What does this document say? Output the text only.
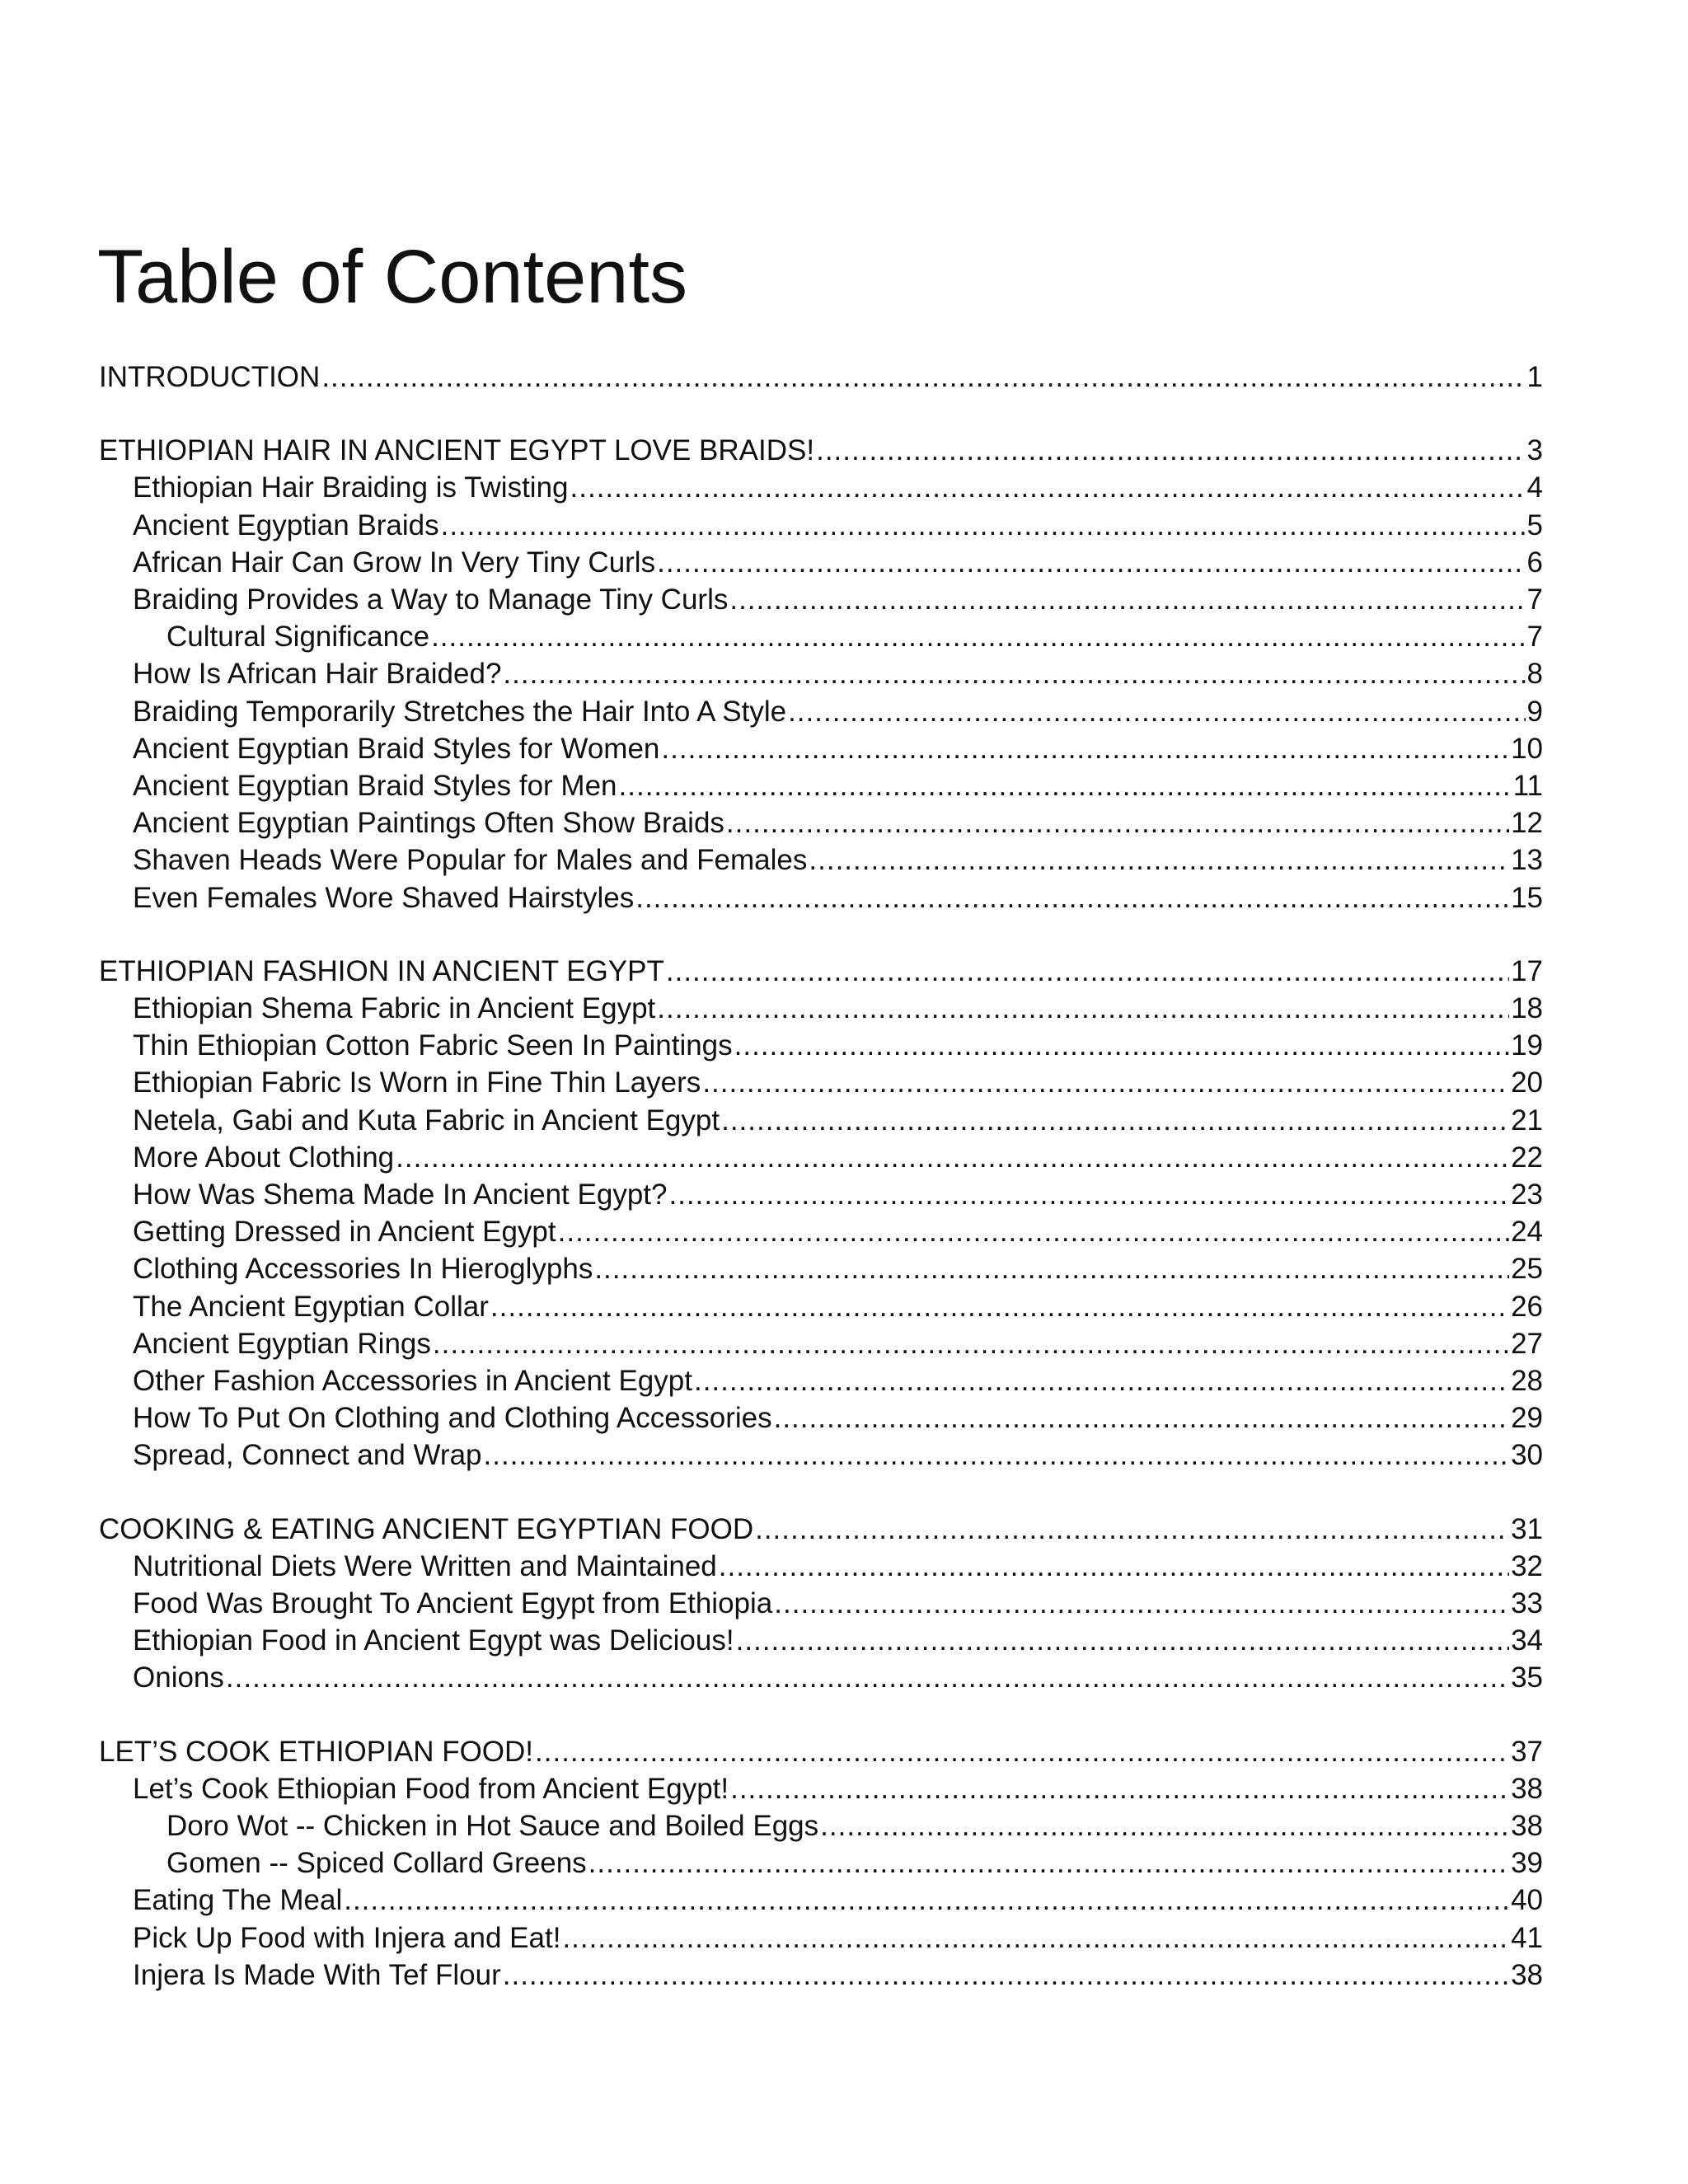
Table of Contents
INTRODUCTION .....	1
ETHIOPIAN HAIR IN ANCIENT EGYPT LOVE BRAIDS! .....	3
Ethiopian Hair Braiding is Twisting .....	4
Ancient Egyptian Braids .....	5
African Hair Can Grow In Very Tiny Curls .....	6
Braiding Provides a Way to Manage Tiny Curls .....	7
Cultural Significance .....	7
How Is African Hair Braided? .....	8
Braiding Temporarily Stretches the Hair Into A Style .....	9
Ancient Egyptian Braid Styles for Women .....	10
Ancient Egyptian Braid Styles for Men .....	11
Ancient Egyptian Paintings Often Show Braids .....	12
Shaven Heads Were Popular for Males and Females .....	13
Even Females Wore Shaved Hairstyles .....	15
ETHIOPIAN FASHION IN ANCIENT EGYPT .....	17
Ethiopian Shema Fabric in Ancient Egypt .....	18
Thin Ethiopian Cotton Fabric Seen In Paintings .....	19
Ethiopian Fabric Is Worn in Fine Thin Layers .....	20
Netela, Gabi and Kuta Fabric in Ancient Egypt .....	21
More About Clothing .....	22
How Was Shema Made In Ancient Egypt? .....	23
Getting Dressed in Ancient Egypt .....	24
Clothing Accessories In Hieroglyphs .....	25
The Ancient Egyptian Collar .....	26
Ancient Egyptian Rings .....	27
Other Fashion Accessories in Ancient Egypt .....	28
How To Put On Clothing and Clothing Accessories .....	29
Spread, Connect and Wrap .....	30
COOKING & EATING ANCIENT EGYPTIAN FOOD .....	31
Nutritional Diets Were Written and Maintained .....	32
Food Was Brought To Ancient Egypt from Ethiopia .....	33
Ethiopian Food in Ancient Egypt was Delicious! .....	34
Onions .....	35
LET’S COOK ETHIOPIAN FOOD! .....	37
Let’s Cook Ethiopian Food from Ancient Egypt! .....	38
Doro Wot -- Chicken in Hot Sauce and Boiled Eggs .....	38
Gomen -- Spiced Collard Greens .....	39
Eating The Meal .....	40
Pick Up Food with Injera and Eat! .....	41
Injera Is Made With Tef Flour .....	38
